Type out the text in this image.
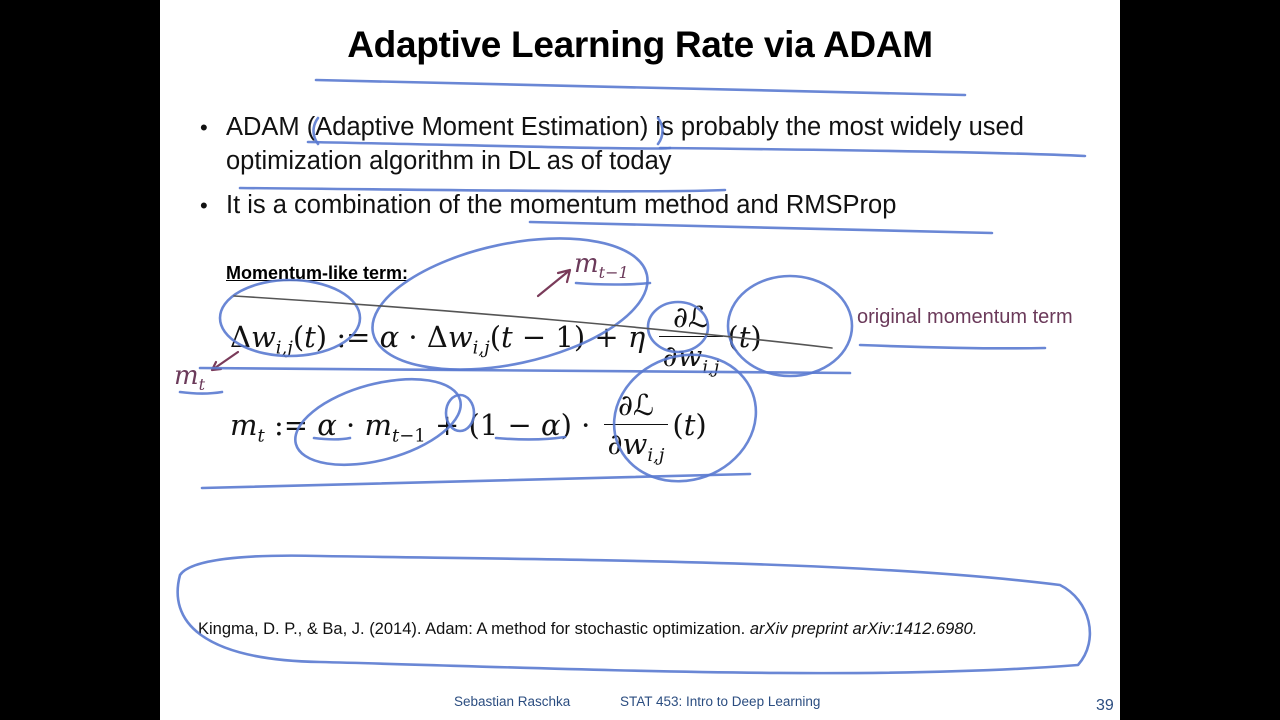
Adaptive Learning Rate via ADAM
• ADAM (Adaptive Moment Estimation) is probably the most widely used
optimization algorithm in DL as of today
• It is a combination of the momentum method and RMSProp
Momentum-like term:
$\Delta w_{i,j}(t)$ := $\alpha \cdot \Delta w_{i,j}(t - 1) + \eta \frac{\text{∂ℒ}}{\partial w_{i,j}} (t)$
$m_t$ := $\alpha \cdot m_{t-1} + (1 - \alpha) \cdot \frac{\text{∂ℒ}}{\partial w_{i,j}} (t)$
original momentum term
Kingma, D. P., & Ba, J. (2014). Adam: A method for stochastic optimization. arXiv preprint arXiv:1412.6980.
Sebastian Raschka	STAT 453: Intro to Deep Learning	39
$m_{t-1}$
$m_t$
